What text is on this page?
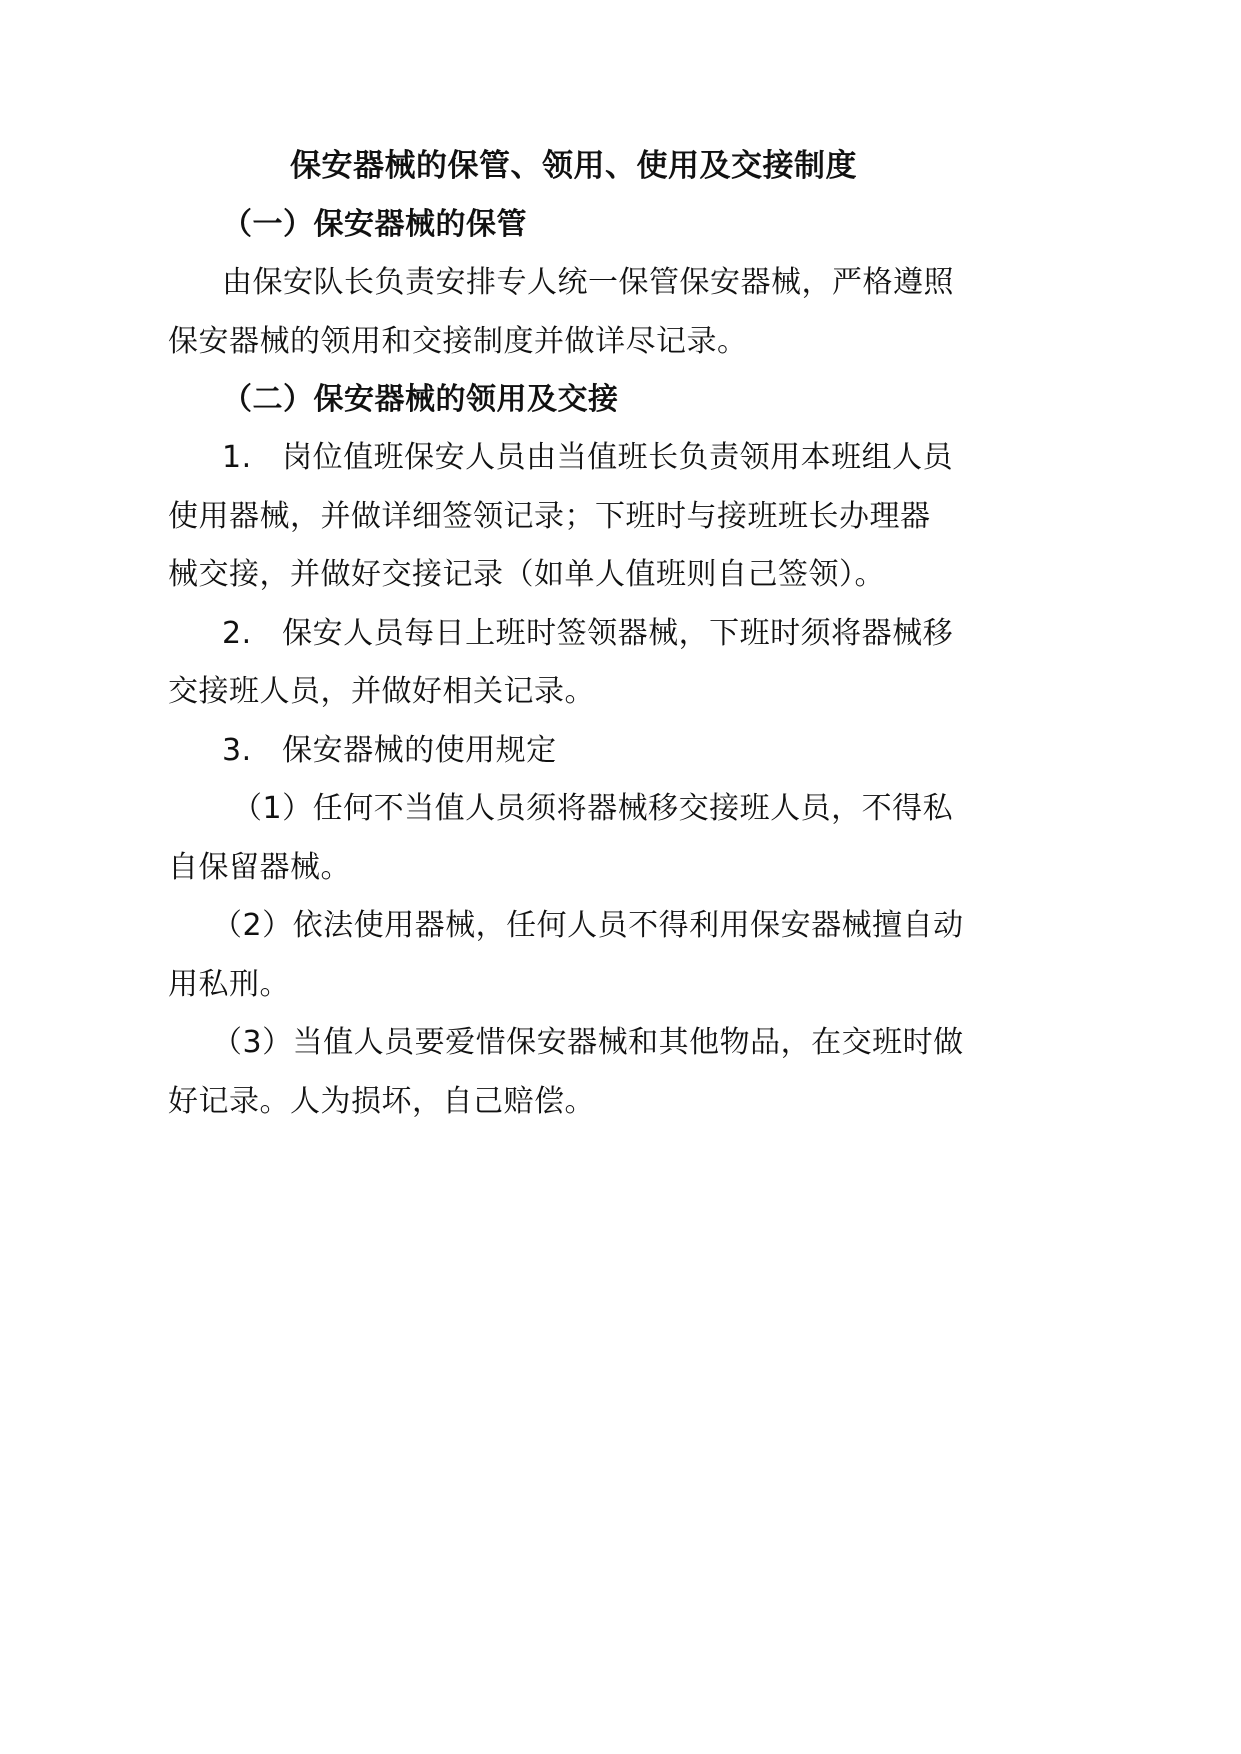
保安器械的保管、领用、使用及交接制度
（一）保安器械的保管
由保安队长负责安排专人统一保管保安器械，严格遵照
保安器械的领用和交接制度并做详尽记录。
（二）保安器械的领用及交接
1.　岗位值班保安人员由当值班长负责领用本班组人员
使用器械，并做详细签领记录；下班时与接班班长办理器
械交接，并做好交接记录（如单人值班则自己签领）。
2.　保安人员每日上班时签领器械，下班时须将器械移
交接班人员，并做好相关记录。
3.　保安器械的使用规定
（1）任何不当值人员须将器械移交接班人员，不得私
自保留器械。
（2）依法使用器械，任何人员不得利用保安器械擅自动
用私刑。
（3）当值人员要爱惜保安器械和其他物品，在交班时做
好记录。人为损坏，自己赔偿。
